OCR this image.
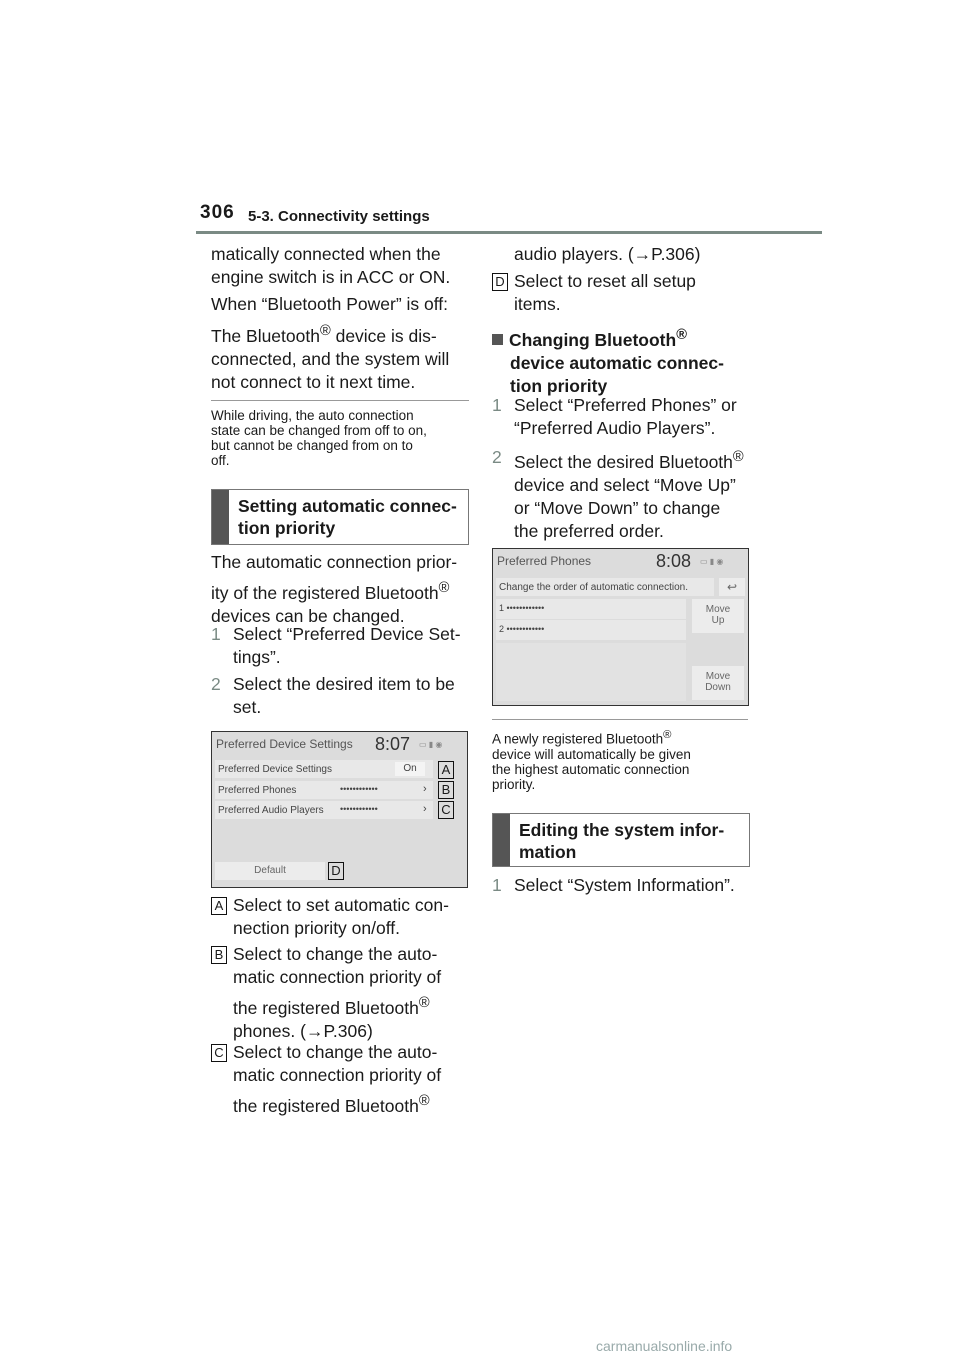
306 5-3. Connectivity settings
matically connected when the
engine switch is in ACC or ON.
When “Bluetooth Power” is off:
The Bluetooth® device is dis-
connected, and the system will
not connect to it next time.
While driving, the auto connection
state can be changed from off to on,
but cannot be changed from on to
off.
Setting automatic connec-
tion priority
The automatic connection prior-
ity of the registered Bluetooth®
devices can be changed.
1 Select “Preferred Device Set-
tings”.
2 Select the desired item to be
set.
Preferred Device Settings 8:07 ▭ ▮ ◉
Preferred Device Settings	On	A
Preferred Phones	••••••••••••	› B
Preferred Audio Players ••••••••••••	› C
Default	D
A Select to set automatic con-
nection priority on/off.
B Select to change the auto-
matic connection priority of
the registered Bluetooth®
phones. (→P.306)
C Select to change the auto-
matic connection priority of
the registered Bluetooth®
audio players. (→P.306)
D Select to reset all setup
items.
Changing Bluetooth®
device automatic connec-
tion priority
1 Select “Preferred Phones” or
“Preferred Audio Players”.
2 Select the desired Bluetooth®
device and select “Move Up”
or “Move Down” to change
the preferred order.
Preferred Phones	8:08 ▭ ▮ ◉
Change the order of automatic connection.	↩
1 ••••••••••••
2 ••••••••••••
Move
Up
Move
Down
A newly registered Bluetooth®
device will automatically be given
the highest automatic connection
priority.
Editing the system infor-
mation
1 Select “System Information”.
carmanualsonline.info
